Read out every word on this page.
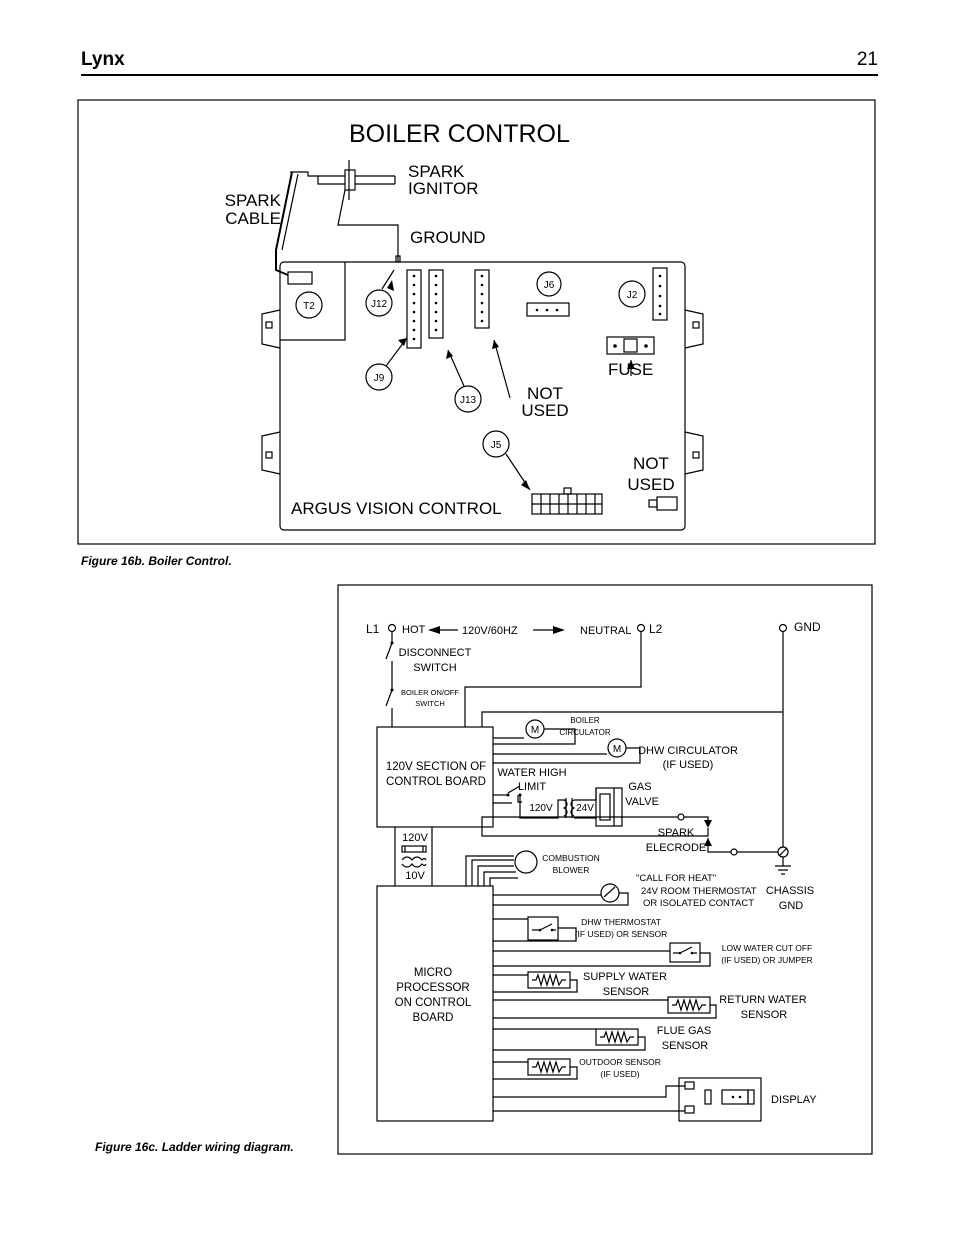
Lynx	21
BOILER CONTROL
SPARK
IGNITOR
SPARK
CABLE
GROUND
T2	J12
J9
J13
J6
J2
J5
NOT
USED
FUSE
NOT
USED
ARGUS VISION CONTROL
L1 HOT	120V/60HZ	NEUTRAL L2	GND
DISCONNECT
SWITCH
BOILER ON/OFF
SWITCH
BOILER
CIRCULATOR
M
M DHW CIRCULATOR
(IF USED)
120V SECTION OF
CONTROL BOARD
WATER HIGH
LIMIT	GAS
VALVE
120V 24V
SPARK
ELECRODE
120V
10V
COMBUSTION
BLOWER
"CALL FOR HEAT"
24V ROOM THERMOSTAT
OR ISOLATED CONTACT
CHASSIS
GND
MICRO
PROCESSOR
ON CONTROL
BOARD
DHW THERMOSTAT
(IF USED) OR SENSOR
LOW WATER CUT OFF
(IF USED) OR JUMPER
SUPPLY WATER
SENSOR
RETURN WATER
SENSOR
FLUE GAS
SENSOR
OUTDOOR SENSOR
(IF USED)
DISPLAY
Figure 16b. Boiler Control.
Figure 16c. Ladder wiring diagram.
